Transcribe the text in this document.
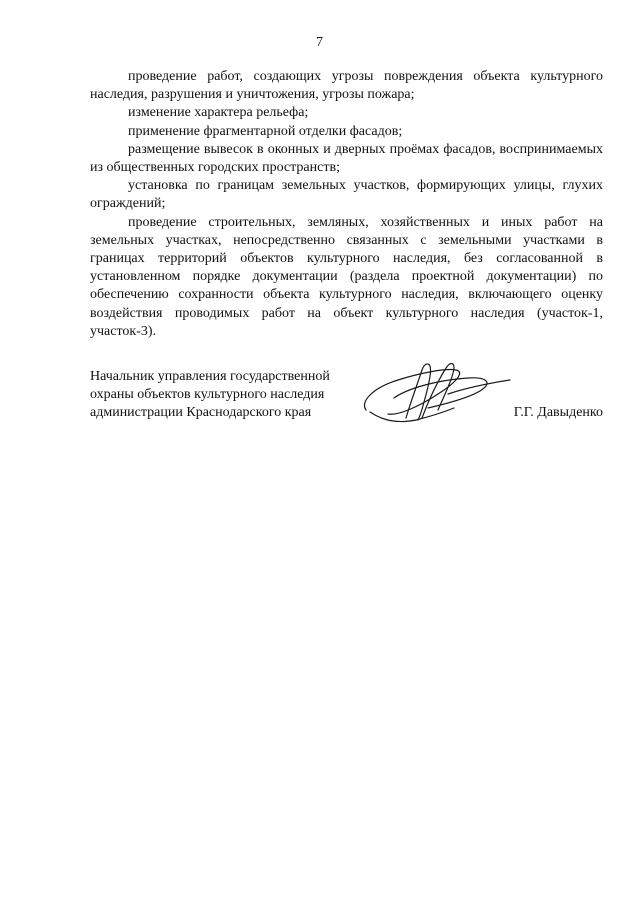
7

проведение работ, создающих угрозы повреждения объекта культурного наследия, разрушения и уничтожения, угрозы пожара;

изменение характера рельефа;

применение фрагментарной отделки фасадов;

размещение вывесок в оконных и дверных проёмах фасадов, воспринимаемых из общественных городских пространств;

установка по границам земельных участков, формирующих улицы, глухих ограждений;

проведение строительных, земляных, хозяйственных и иных работ на земельных участках, непосредственно связанных с земельными участками в границах территорий объектов культурного наследия, без согласованной в установленном порядке документации (раздела проектной документации) по обеспечению сохранности объекта культурного наследия, включающего оценку воздействия проводимых работ на объект культурного наследия (участок-1, участок-3).

Начальник управления государственной
охраны объектов культурного наследия
администрации Краснодарского края	Г.Г. Давыденко
